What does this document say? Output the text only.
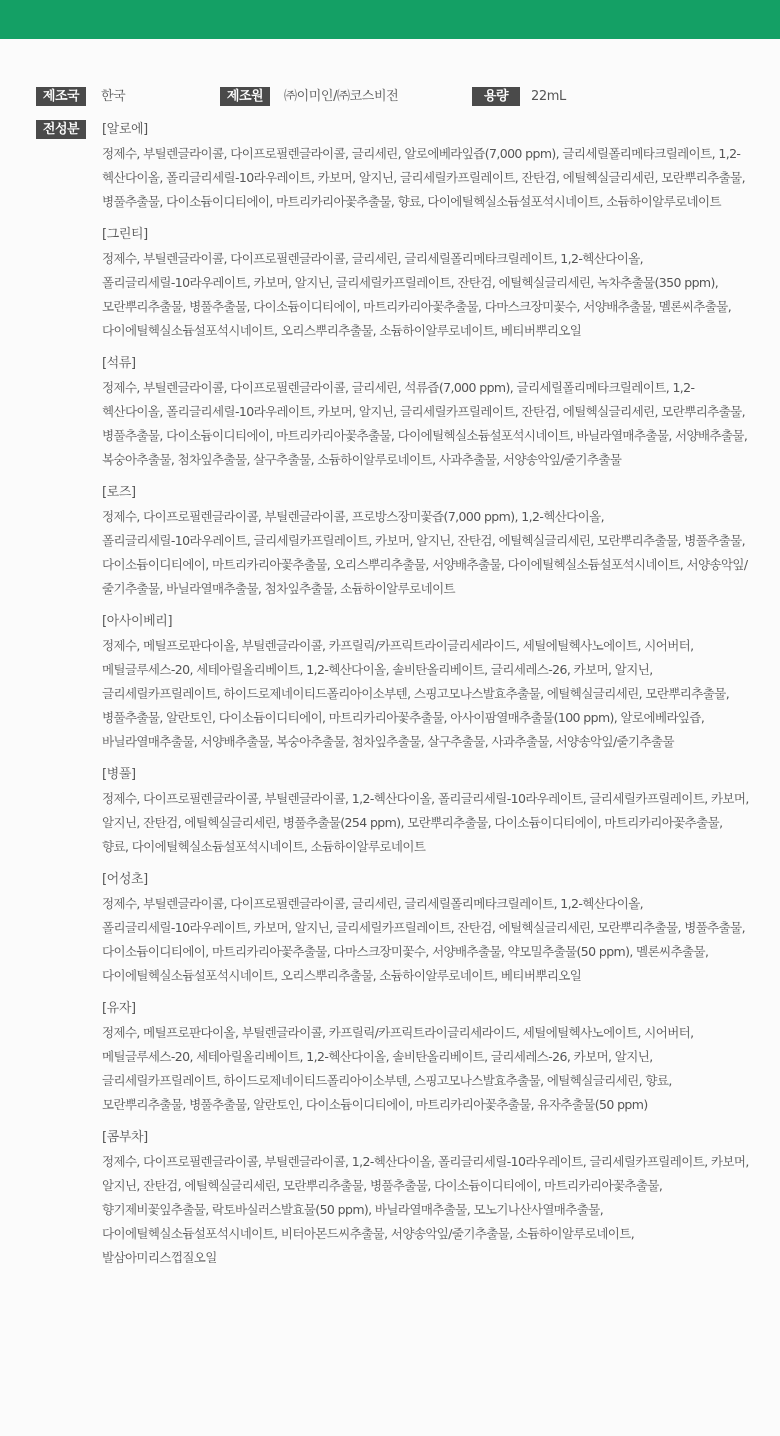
제조국	한국	제조원	㈜이미인/㈜코스비전	용량	22mL
전성분	[알로에]
정제수, 부틸렌글라이콜, 다이프로필렌글라이콜, 글리세린, 알로에베라잎즙(7,000 ppm), 글리세릴폴리메타크릴레이트, 1,2-헥산다이올, 폴리글리세릴-10라우레이트, 카보머, 알지닌, 글리세릴카프릴레이트, 잔탄검, 에틸헥실글리세린, 모란뿌리추출물, 병풀추출물, 다이소듐이디티에이, 마트리카리아꽃추출물, 향료, 다이에틸헥실소듐설포석시네이트, 소듐하이알루로네이트
[그린티]
정제수, 부틸렌글라이콜, 다이프로필렌글라이콜, 글리세린, 글리세릴폴리메타크릴레이트, 1,2-헥산다이올, 폴리글리세릴-10라우레이트, 카보머, 알지닌, 글리세릴카프릴레이트, 잔탄검, 에틸헥실글리세린, 녹차추출물(350 ppm), 모란뿌리추출물, 병풀추출물, 다이소듐이디티에이, 마트리카리아꽃추출물, 다마스크장미꽃수, 서양배추출물, 멜론씨추출물, 다이에틸헥실소듐설포석시네이트, 오리스뿌리추출물, 소듐하이알루로네이트, 베티버뿌리오일
[석류]
정제수, 부틸렌글라이콜, 다이프로필렌글라이콜, 글리세린, 석류즙(7,000 ppm), 글리세릴폴리메타크릴레이트, 1,2-헥산다이올, 폴리글리세릴-10라우레이트, 카보머, 알지닌, 글리세릴카프릴레이트, 잔탄검, 에틸헥실글리세린, 모란뿌리추출물, 병풀추출물, 다이소듐이디티에이, 마트리카리아꽃추출물, 다이에틸헥실소듐설포석시네이트, 바닐라열매추출물, 서양배추출물, 복숭아추출물, 첨차잎추출물, 살구추출물, 소듐하이알루로네이트, 사과추출물, 서양송악잎/줄기추출물
[로즈]
정제수, 다이프로필렌글라이콜, 부틸렌글라이콜, 프로방스장미꽃즙(7,000 ppm), 1,2-헥산다이올, 폴리글리세릴-10라우레이트, 글리세릴카프릴레이트, 카보머, 알지닌, 잔탄검, 에틸헥실글리세린, 모란뿌리추출물, 병풀추출물, 다이소듐이디티에이, 마트리카리아꽃추출물, 오리스뿌리추출물, 서양배추출물, 다이에틸헥실소듐설포석시네이트, 서양송악잎/줄기추출물, 바닐라열매추출물, 첨차잎추출물, 소듐하이알루로네이트
[아사이베리]
정제수, 메틸프로판다이올, 부틸렌글라이콜, 카프릴릭/카프릭트라이글리세라이드, 세틸에틸헥사노에이트, 시어버터, 메틸글루세스-20, 세테아릴올리베이트, 1,2-헥산다이올, 솔비탄올리베이트, 글리세레스-26, 카보머, 알지닌, 글리세릴카프릴레이트, 하이드로제네이티드폴리아이소부텐, 스핑고모나스발효추출물, 에틸헥실글리세린, 모란뿌리추출물, 병풀추출물, 알란토인, 다이소듐이디티에이, 마트리카리아꽃추출물, 아사이팜열매추출물(100 ppm), 알로에베라잎즙, 바닐라열매추출물, 서양배추출물, 복숭아추출물, 첨차잎추출물, 살구추출물, 사과추출물, 서양송악잎/줄기추출물
[병풀]
정제수, 다이프로필렌글라이콜, 부틸렌글라이콜, 1,2-헥산다이올, 폴리글리세릴-10라우레이트, 글리세릴카프릴레이트, 카보머, 알지닌, 잔탄검, 에틸헥실글리세린, 병풀추출물(254 ppm), 모란뿌리추출물, 다이소듐이디티에이, 마트리카리아꽃추출물, 향료, 다이에틸헥실소듐설포석시네이트, 소듐하이알루로네이트
[어성초]
정제수, 부틸렌글라이콜, 다이프로필렌글라이콜, 글리세린, 글리세릴폴리메타크릴레이트, 1,2-헥산다이올, 폴리글리세릴-10라우레이트, 카보머, 알지닌, 글리세릴카프릴레이트, 잔탄검, 에틸헥실글리세린, 모란뿌리추출물, 병풀추출물, 다이소듐이디티에이, 마트리카리아꽃추출물, 다마스크장미꽃수, 서양배추출물, 약모밀추출물(50 ppm), 멜론씨추출물, 다이에틸헥실소듐설포석시네이트, 오리스뿌리추출물, 소듐하이알루로네이트, 베티버뿌리오일
[유자]
정제수, 메틸프로판다이올, 부틸렌글라이콜, 카프릴릭/카프릭트라이글리세라이드, 세틸에틸헥사노에이트, 시어버터, 메틸글루세스-20, 세테아릴올리베이트, 1,2-헥산다이올, 솔비탄올리베이트, 글리세레스-26, 카보머, 알지닌, 글리세릴카프릴레이트, 하이드로제네이티드폴리아이소부텐, 스핑고모나스발효추출물, 에틸헥실글리세린, 향료, 모란뿌리추출물, 병풀추출물, 알란토인, 다이소듐이디티에이, 마트리카리아꽃추출물, 유자추출물(50 ppm)
[콤부차]
정제수, 다이프로필렌글라이콜, 부틸렌글라이콜, 1,2-헥산다이올, 폴리글리세릴-10라우레이트, 글리세릴카프릴레이트, 카보머, 알지닌, 잔탄검, 에틸헥실글리세린, 모란뿌리추출물, 병풀추출물, 다이소듐이디티에이, 마트리카리아꽃추출물, 향기제비꽃잎추출물, 락토바실러스발효물(50 ppm), 바닐라열매추출물, 모노기나산사열매추출물, 다이에틸헥실소듐설포석시네이트, 비터아몬드씨추출물, 서양송악잎/줄기추출물, 소듐하이알루로네이트, 발삼아미리스껍질오일
